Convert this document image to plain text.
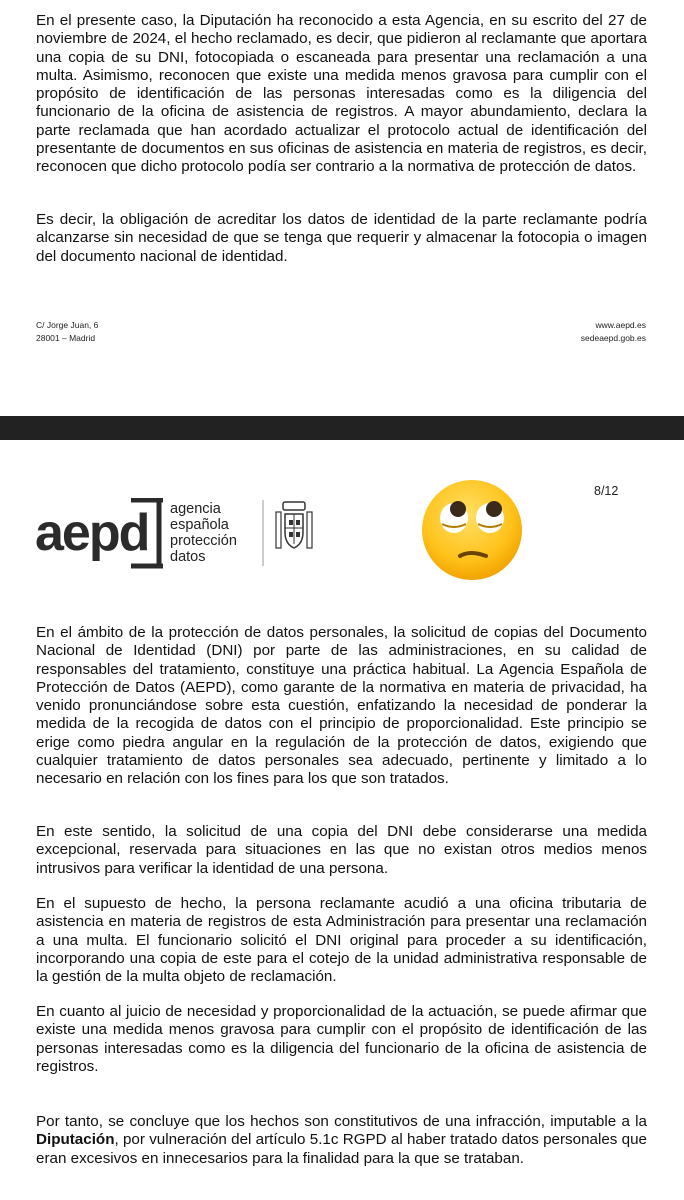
En el presente caso, la Diputación ha reconocido a esta Agencia, en su escrito del 27 de noviembre de 2024, el hecho reclamado, es decir, que pidieron al reclamante que aportara una copia de su DNI, fotocopiada o escaneada para presentar una reclamación a una multa. Asimismo, reconocen que existe una medida menos gravosa para cumplir con el propósito de identificación de las personas interesadas como es la diligencia del funcionario de la oficina de asistencia de registros. A mayor abundamiento, declara la parte reclamada que han acordado actualizar el protocolo actual de identificación del presentante de documentos en sus oficinas de asistencia en materia de registros, es decir, reconocen que dicho protocolo podía ser contrario a la normativa de protección de datos.

Es decir, la obligación de acreditar los datos de identidad de la parte reclamante podría alcanzarse sin necesidad de que se tenga que requerir y almacenar la fotocopia o imagen del documento nacional de identidad.

C/ Jorge Juan, 6
28001 – Madrid
www.aepd.es
sedeaepd.gob.es
aepd agencia
española
protección
datos
8/12

En el ámbito de la protección de datos personales, la solicitud de copias del Documento Nacional de Identidad (DNI) por parte de las administraciones, en su calidad de responsables del tratamiento, constituye una práctica habitual. La Agencia Española de Protección de Datos (AEPD), como garante de la normativa en materia de privacidad, ha venido pronunciándose sobre esta cuestión, enfatizando la necesidad de ponderar la medida de la recogida de datos con el principio de proporcionalidad. Este principio se erige como piedra angular en la regulación de la protección de datos, exigiendo que cualquier tratamiento de datos personales sea adecuado, pertinente y limitado a lo necesario en relación con los fines para los que son tratados.

En este sentido, la solicitud de una copia del DNI debe considerarse una medida excepcional, reservada para situaciones en las que no existan otros medios menos intrusivos para verificar la identidad de una persona.

En el supuesto de hecho, la persona reclamante acudió a una oficina tributaria de asistencia en materia de registros de esta Administración para presentar una reclamación a una multa. El funcionario solicitó el DNI original para proceder a su identificación, incorporando una copia de este para el cotejo de la unidad administrativa responsable de la gestión de la multa objeto de reclamación.

En cuanto al juicio de necesidad y proporcionalidad de la actuación, se puede afirmar que existe una medida menos gravosa para cumplir con el propósito de identificación de las personas interesadas como es la diligencia del funcionario de la oficina de asistencia de registros.

Por tanto, se concluye que los hechos son constitutivos de una infracción, imputable a la Diputación, por vulneración del artículo 5.1c RGPD al haber tratado datos personales que eran excesivos en innecesarios para la finalidad para la que se trataban.
